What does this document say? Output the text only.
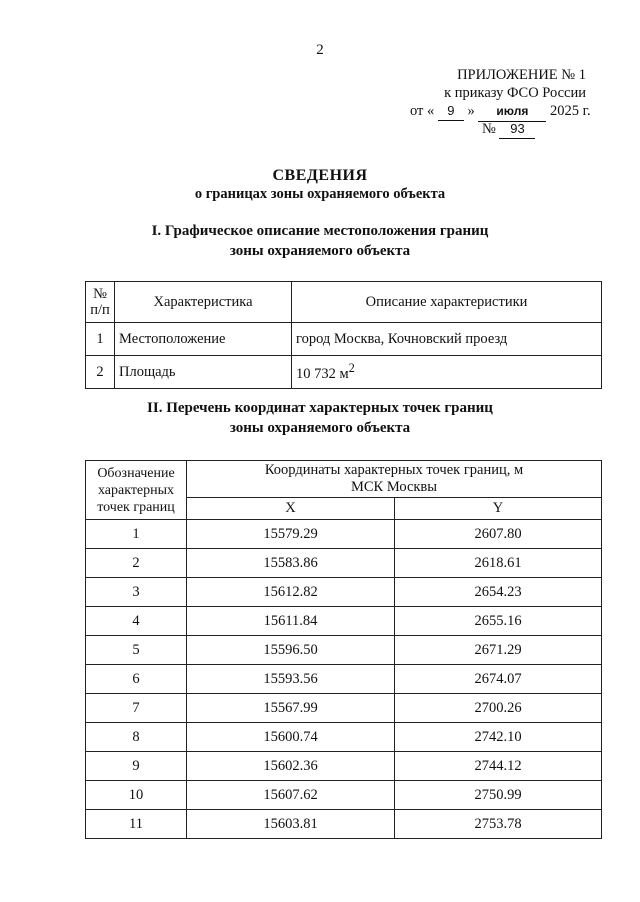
2
ПРИЛОЖЕНИЕ № 1
к приказу ФСО России
от « 9 » июля 2025 г.
№ 93
СВЕДЕНИЯ
о границах зоны охраняемого объекта
I. Графическое описание местоположения границ
зоны охраняемого объекта
№ п/п	Характеристика	Описание характеристики
1	Местоположение	город Москва, Кочновский проезд
2	Площадь	10 732 $м^2$
II. Перечень координат характерных точек границ
зоны охраняемого объекта
Обозначение характерных точек границ	Координаты характерных точек границ, м
МСК Москвы	

	X	Y
1	15579.29	2607.80
2	15583.86	2618.61
3	15612.82	2654.23
4	15611.84	2655.16
5	15596.50	2671.29
6	15593.56	2674.07
7	15567.99	2700.26
8	15600.74	2742.10
9	15602.36	2744.12
10	15607.62	2750.99
11	15603.81	2753.78
